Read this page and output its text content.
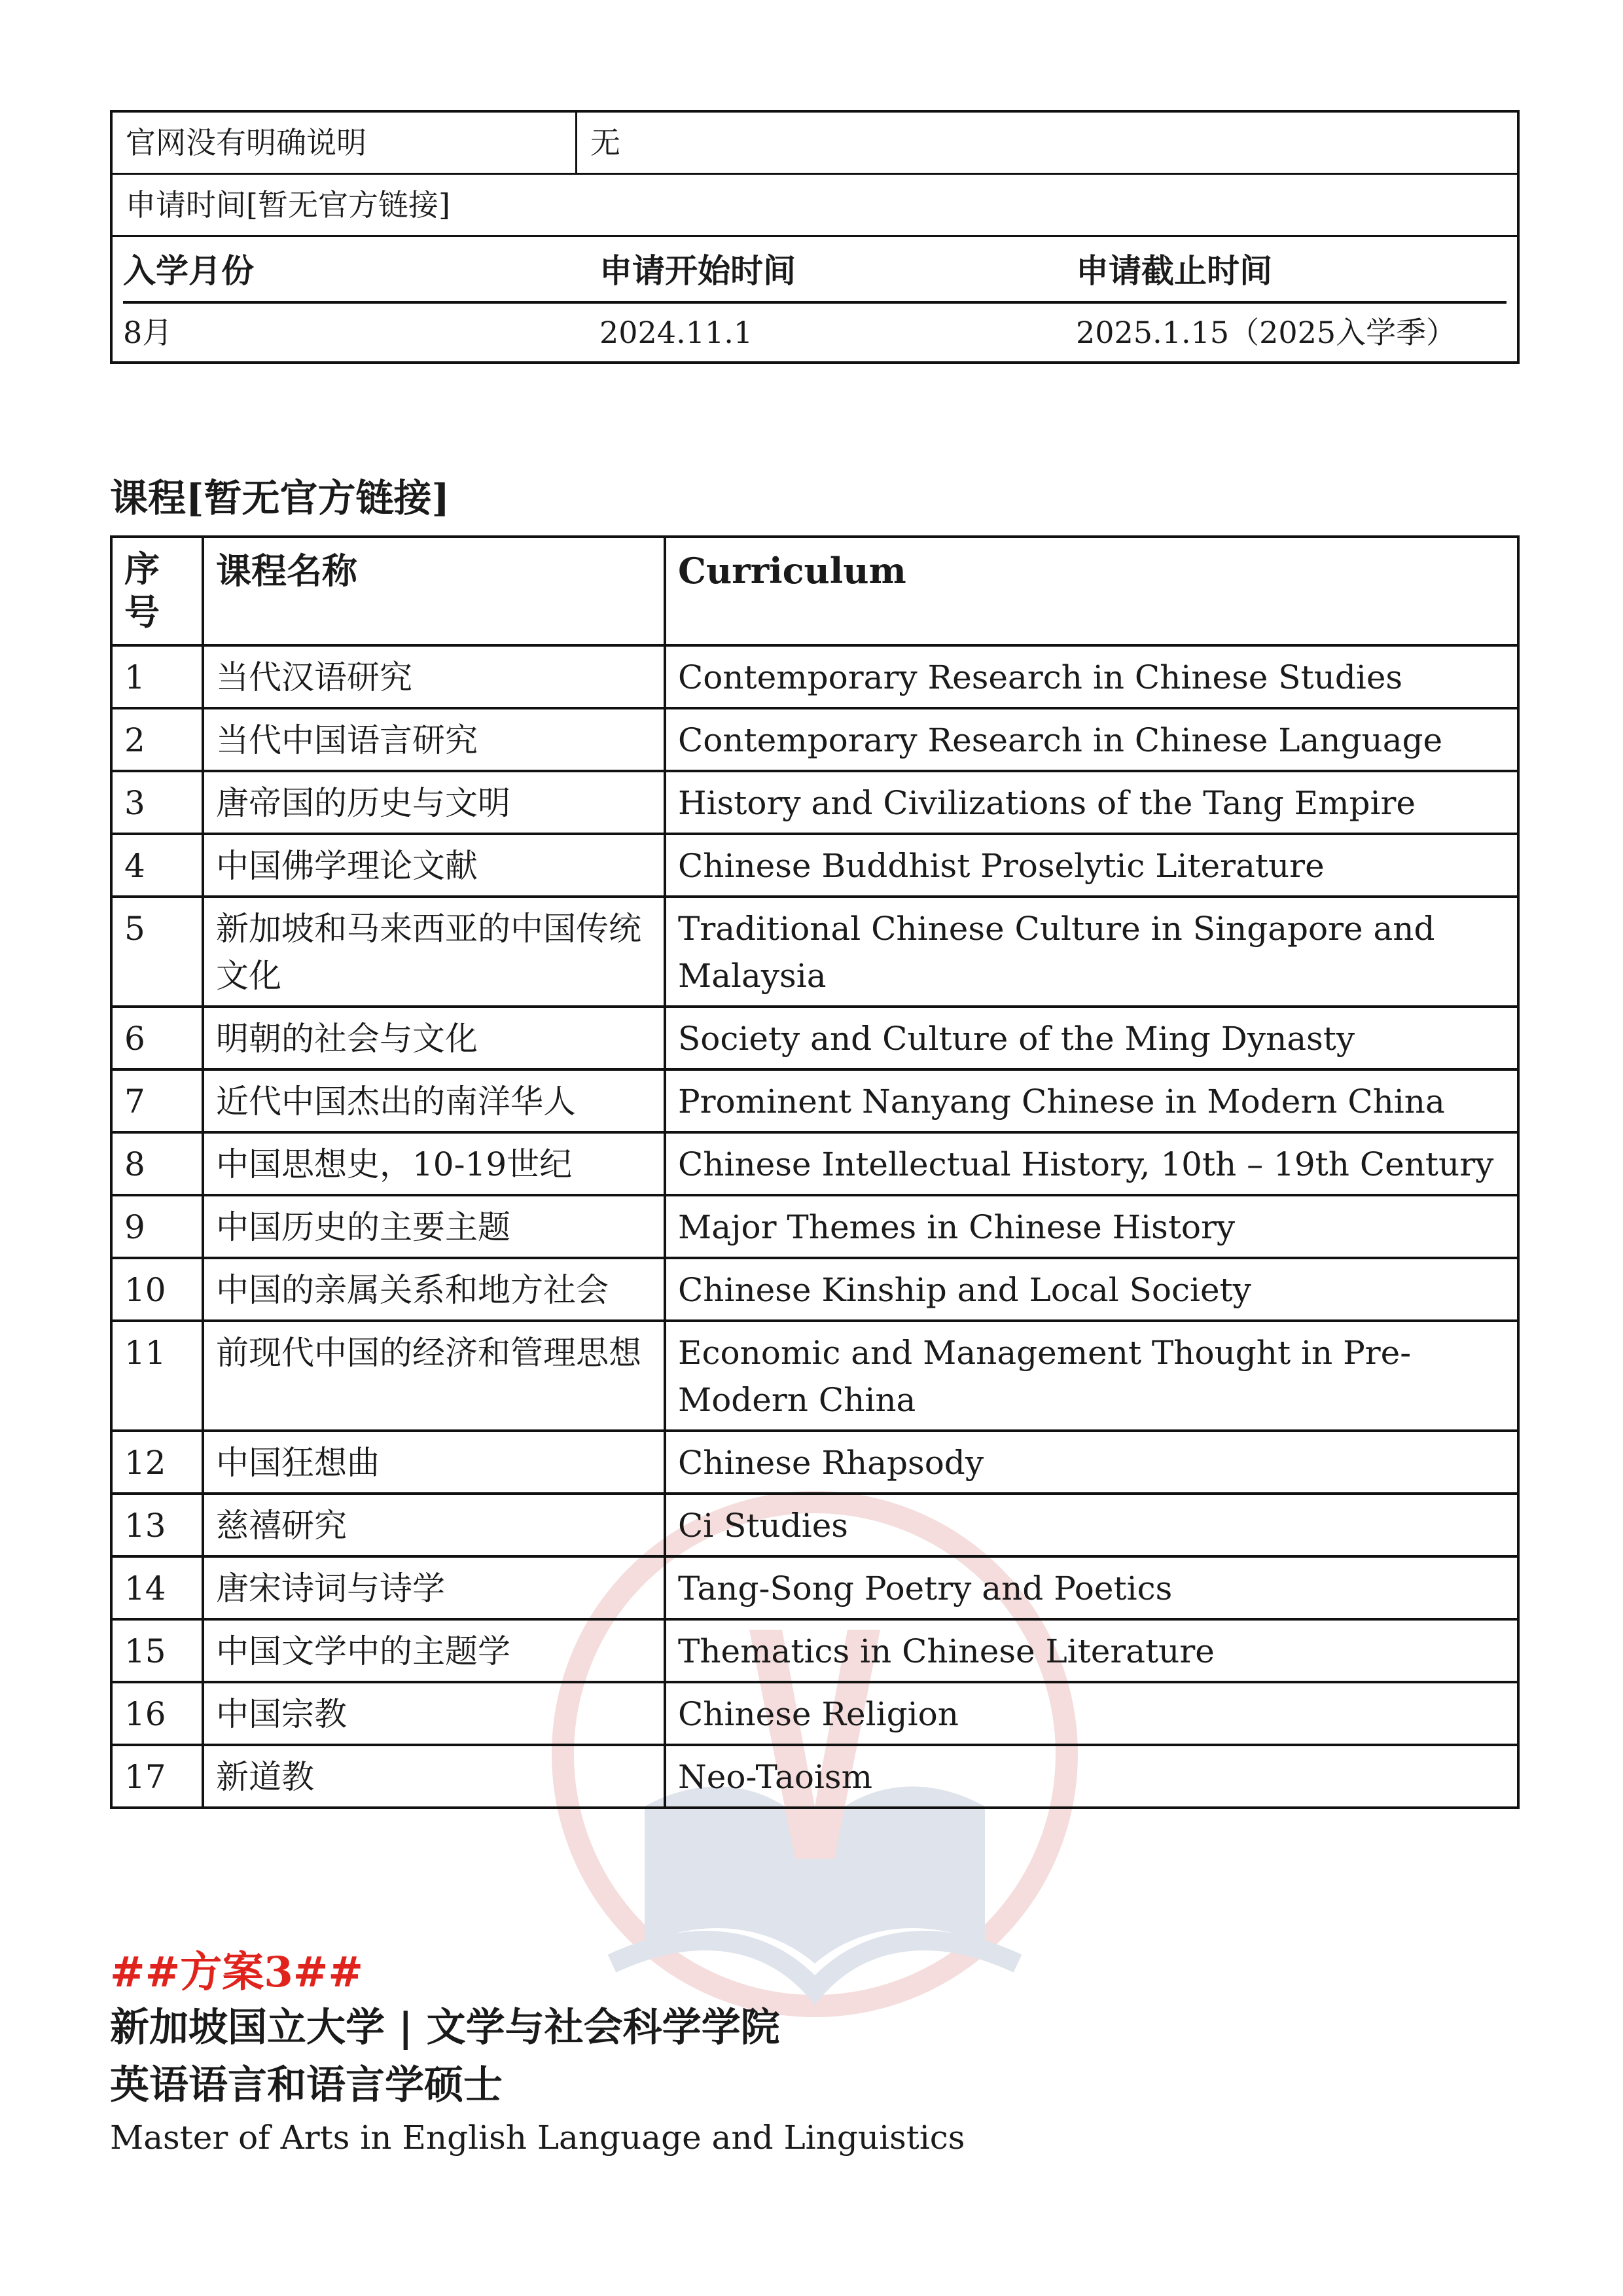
官网没有明确说明	无
申请时间[暂无官方链接]
入学月份	申请开始时间	申请截止时间
8月	2024.11.1	2025.1.15（2025入学季）
课程[暂无官方链接]
序号	课程名称	Curriculum
1	当代汉语研究	Contemporary Research in Chinese Studies
2	当代中国语言研究	Contemporary Research in Chinese Language
3	唐帝国的历史与文明	History and Civilizations of the Tang Empire
4	中国佛学理论文献	Chinese Buddhist Proselytic Literature
5	新加坡和马来西亚的中国传统文化	Traditional Chinese Culture in Singapore and Malaysia
6	明朝的社会与文化	Society and Culture of the Ming Dynasty
7	近代中国杰出的南洋华人	Prominent Nanyang Chinese in Modern China
8	中国思想史，10-19世纪	Chinese Intellectual History, 10th – 19th Century
9	中国历史的主要主题	Major Themes in Chinese History
10	中国的亲属关系和地方社会	Chinese Kinship and Local Society
11	前现代中国的经济和管理思想	Economic and Management Thought in Pre-Modern China
12	中国狂想曲	Chinese Rhapsody
13	慈禧研究	Ci Studies
14	唐宋诗词与诗学	Tang-Song Poetry and Poetics
15	中国文学中的主题学	Thematics in Chinese Literature
16	中国宗教	Chinese Religion
17	新道教	Neo-Taoism
##方案3##
新加坡国立大学 | 文学与社会科学学院
英语语言和语言学硕士
Master of Arts in English Language and Linguistics
